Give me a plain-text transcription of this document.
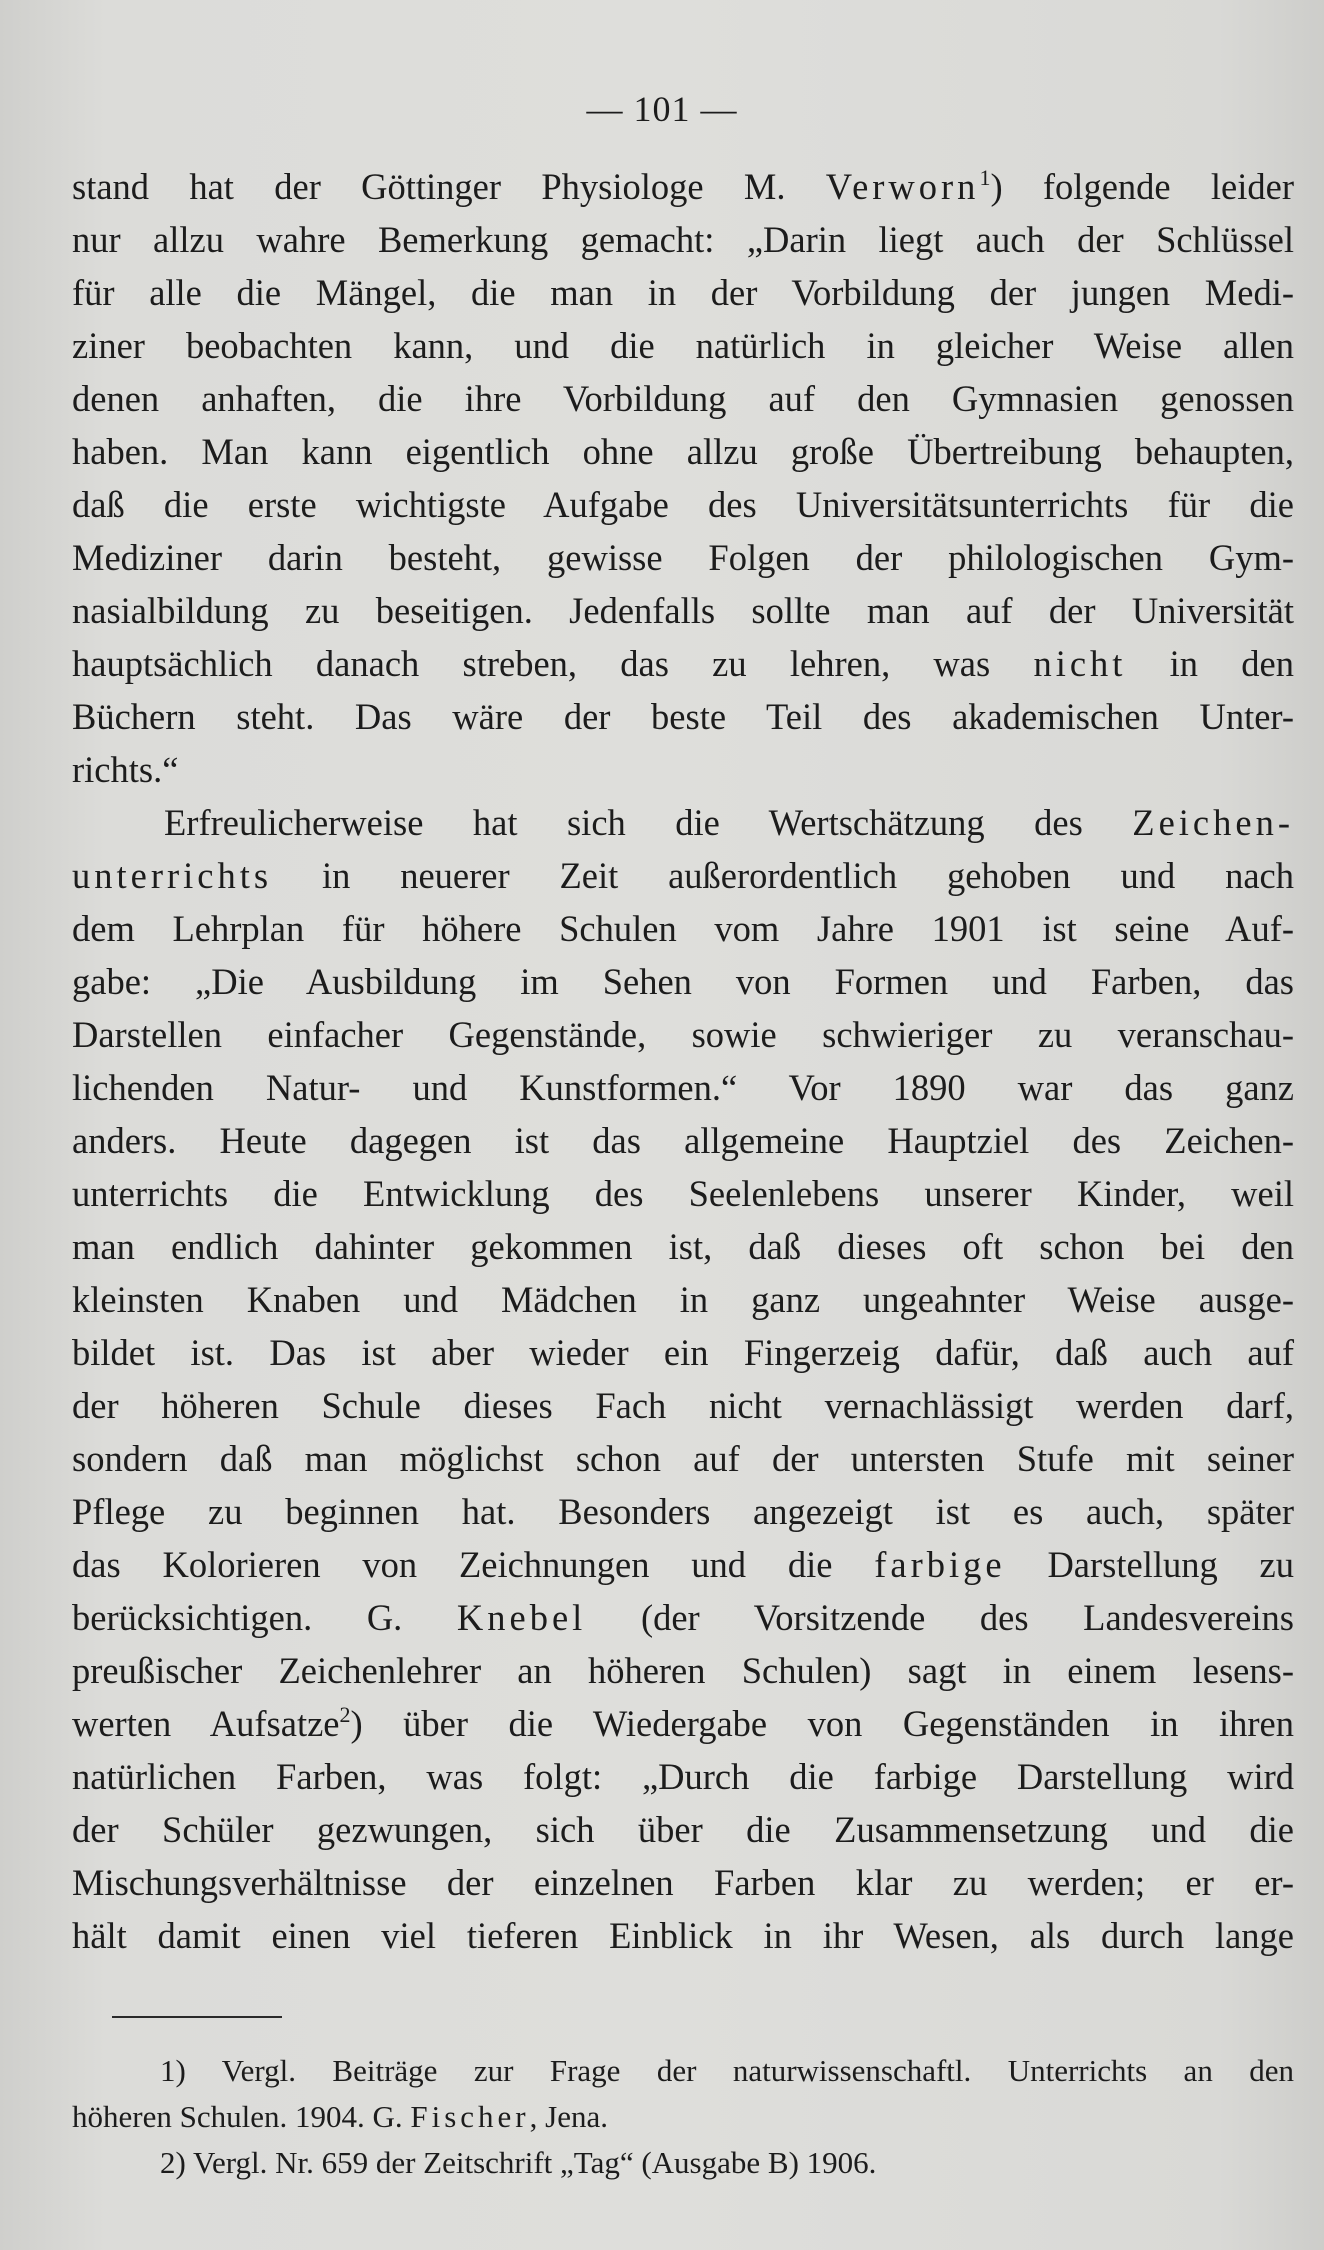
— 101 —
stand hat der Göttinger Physiologe M. Verworn$^1$) folgende leider
nur allzu wahre Bemerkung gemacht: „Darin liegt auch der Schlüssel
für alle die Mängel, die man in der Vorbildung der jungen Medi-
ziner beobachten kann, und die natürlich in gleicher Weise allen
denen anhaften, die ihre Vorbildung auf den Gymnasien genossen
haben. Man kann eigentlich ohne allzu große Übertreibung behaupten,
daß die erste wichtigste Aufgabe des Universitätsunterrichts für die
Mediziner darin besteht, gewisse Folgen der philologischen Gym-
nasialbildung zu beseitigen. Jedenfalls sollte man auf der Universität
hauptsächlich danach streben, das zu lehren, was nicht in den
Büchern steht. Das wäre der beste Teil des akademischen Unter-
richts.“
Erfreulicherweise hat sich die Wertschätzung des Zeichen-
unterrichts in neuerer Zeit außerordentlich gehoben und nach
dem Lehrplan für höhere Schulen vom Jahre 1901 ist seine Auf-
gabe: „Die Ausbildung im Sehen von Formen und Farben, das
Darstellen einfacher Gegenstände, sowie schwieriger zu veranschau-
lichenden Natur- und Kunstformen.“ Vor 1890 war das ganz
anders. Heute dagegen ist das allgemeine Hauptziel des Zeichen-
unterrichts die Entwicklung des Seelenlebens unserer Kinder, weil
man endlich dahinter gekommen ist, daß dieses oft schon bei den
kleinsten Knaben und Mädchen in ganz ungeahnter Weise ausge-
bildet ist. Das ist aber wieder ein Fingerzeig dafür, daß auch auf
der höheren Schule dieses Fach nicht vernachlässigt werden darf,
sondern daß man möglichst schon auf der untersten Stufe mit seiner
Pflege zu beginnen hat. Besonders angezeigt ist es auch, später
das Kolorieren von Zeichnungen und die farbige Darstellung zu
berücksichtigen. G. Knebel (der Vorsitzende des Landesvereins
preußischer Zeichenlehrer an höheren Schulen) sagt in einem lesens-
werten Aufsatze$^2$) über die Wiedergabe von Gegenständen in ihren
natürlichen Farben, was folgt: „Durch die farbige Darstellung wird
der Schüler gezwungen, sich über die Zusammensetzung und die
Mischungsverhältnisse der einzelnen Farben klar zu werden; er er-
hält damit einen viel tieferen Einblick in ihr Wesen, als durch lange
1) Vergl. Beiträge zur Frage der naturwissenschaftl. Unterrichts an den
höheren Schulen. 1904. G. Fischer, Jena.
2) Vergl. Nr. 659 der Zeitschrift „Tag“ (Ausgabe B) 1906.
